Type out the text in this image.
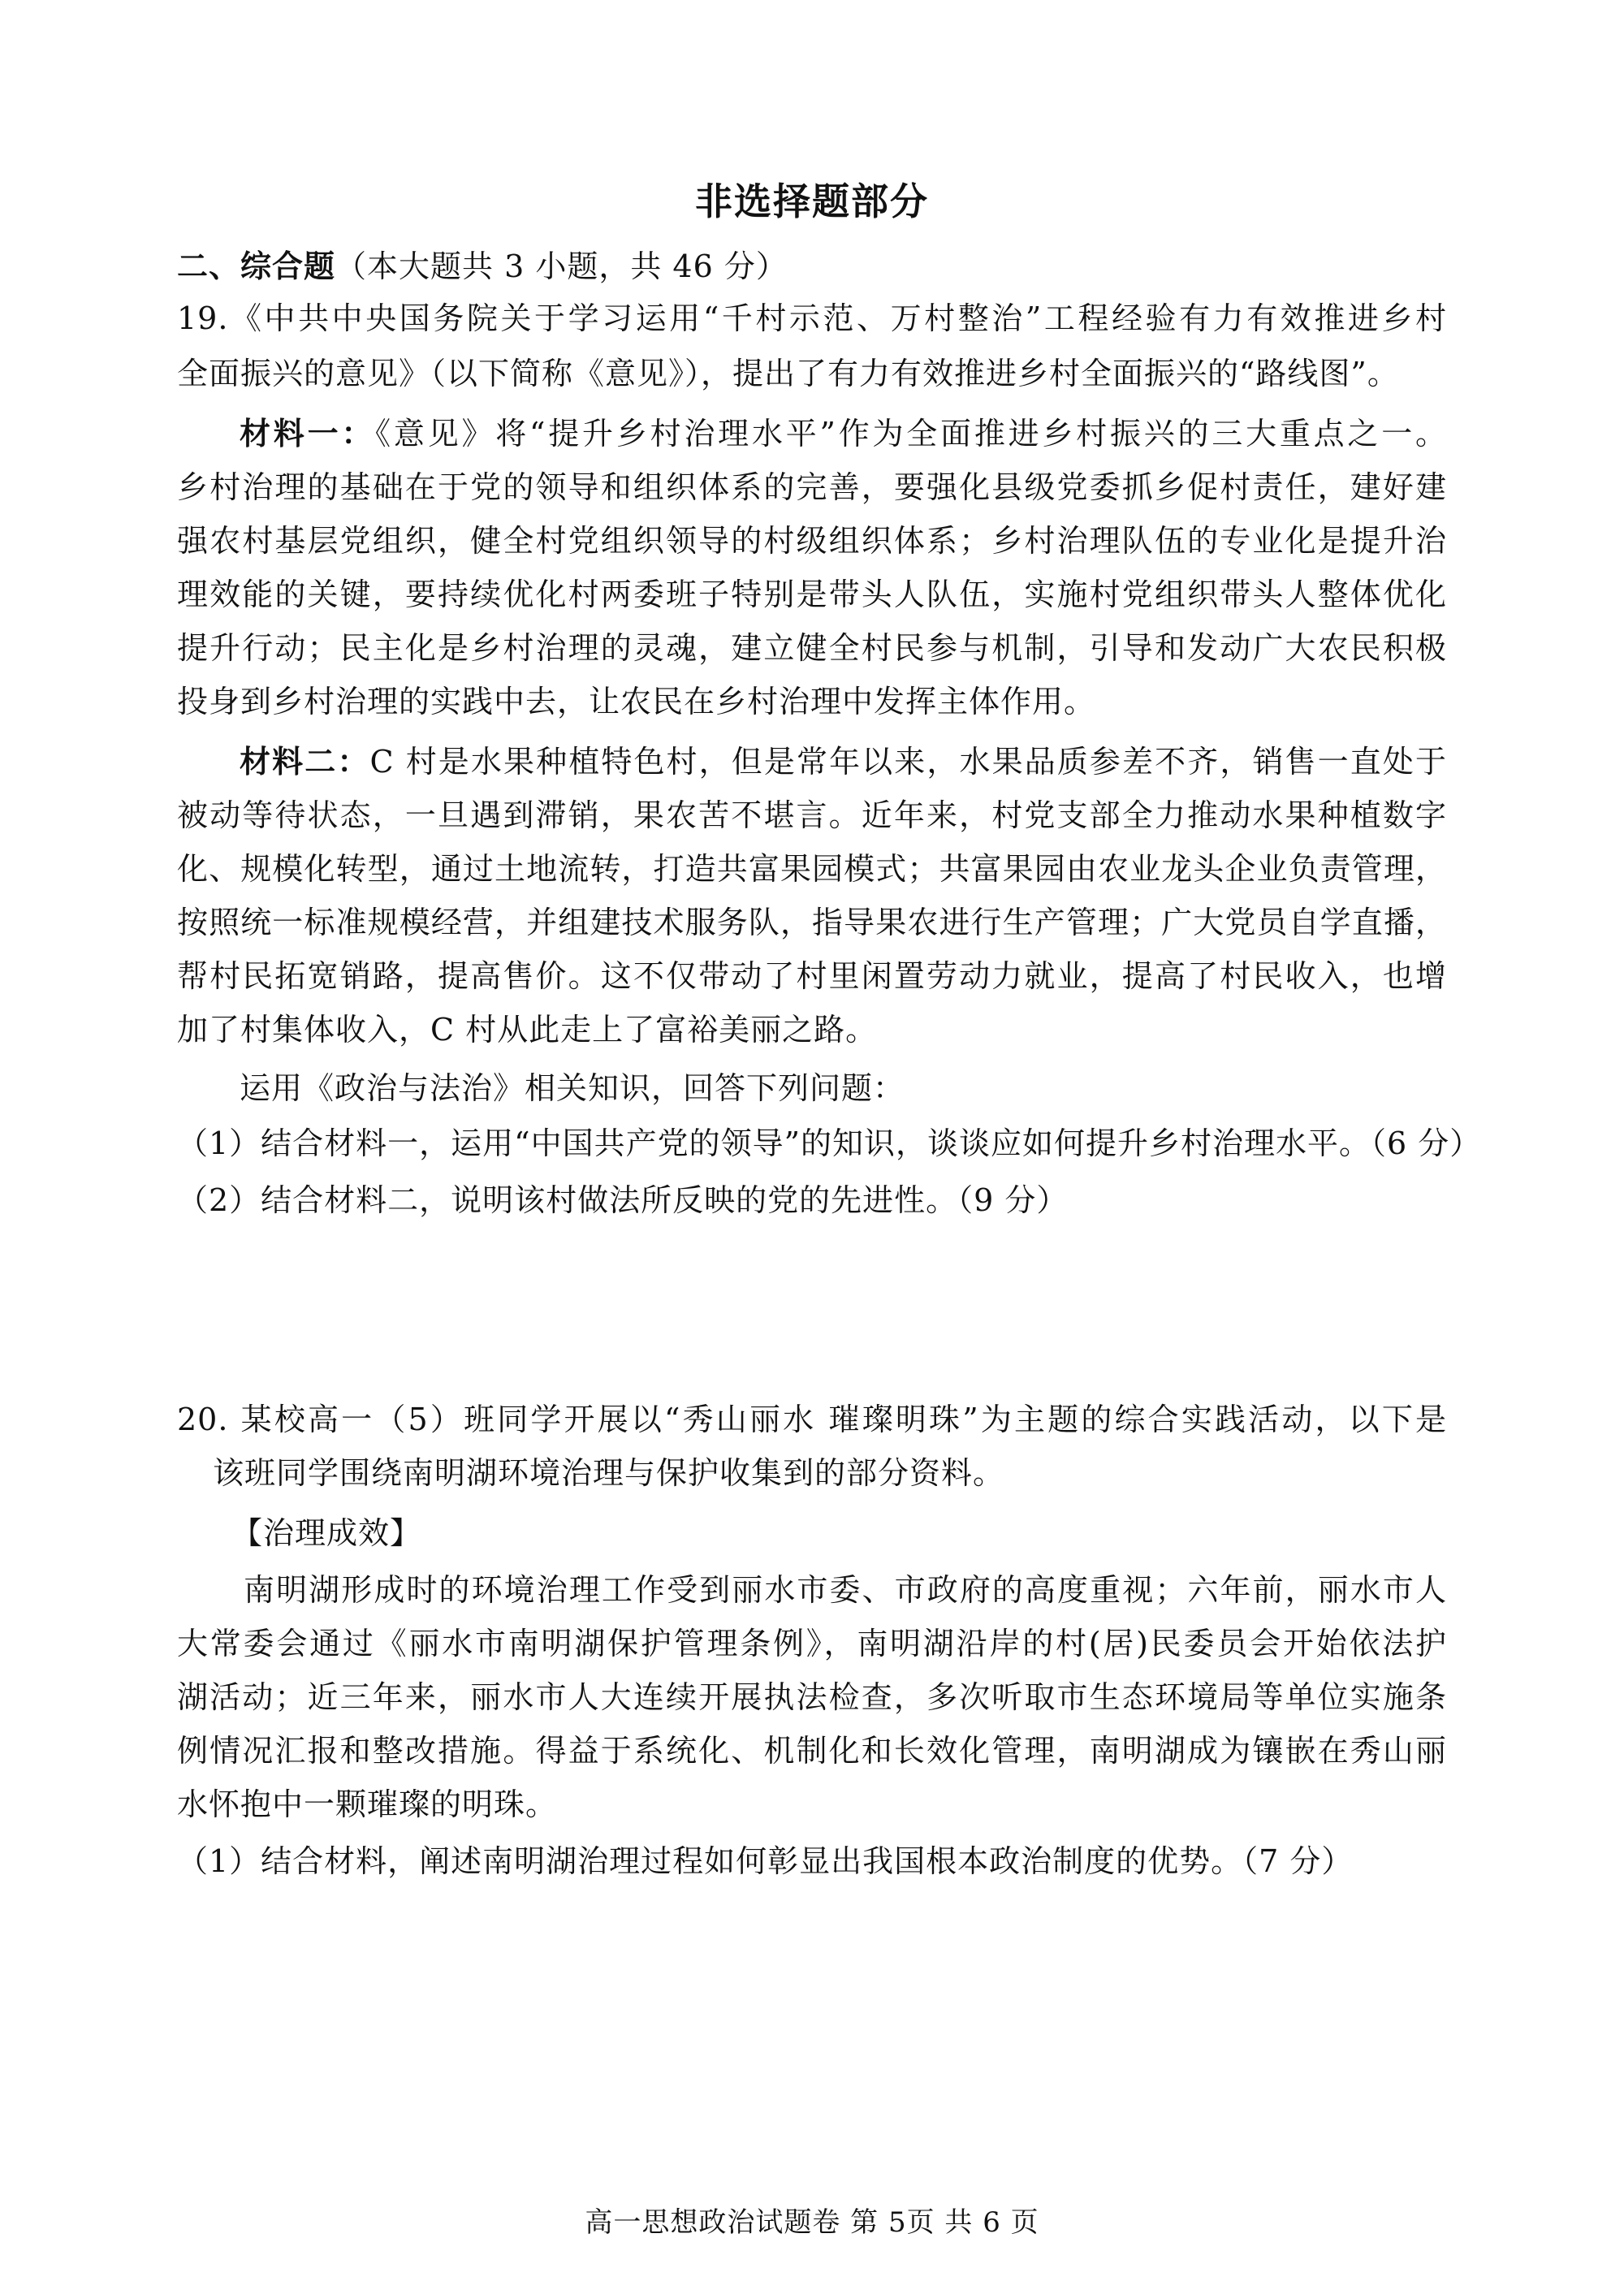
非选择题部分
二、综合题（本大题共 3 小题，共 46 分）
19.《中共中央国务院关于学习运用“千村示范、万村整治”工程经验有力有效推进乡村
全面振兴的意见》（以下简称《意见》），提出了有力有效推进乡村全面振兴的“路线图”。
材料一：《意见》将“提升乡村治理水平”作为全面推进乡村振兴的三大重点之一。
乡村治理的基础在于党的领导和组织体系的完善，要强化县级党委抓乡促村责任，建好建
强农村基层党组织，健全村党组织领导的村级组织体系；乡村治理队伍的专业化是提升治
理效能的关键，要持续优化村两委班子特别是带头人队伍，实施村党组织带头人整体优化
提升行动；民主化是乡村治理的灵魂，建立健全村民参与机制，引导和发动广大农民积极
投身到乡村治理的实践中去，让农民在乡村治理中发挥主体作用。
材料二：C 村是水果种植特色村，但是常年以来，水果品质参差不齐，销售一直处于
被动等待状态，一旦遇到滞销，果农苦不堪言。近年来，村党支部全力推动水果种植数字
化、规模化转型，通过土地流转，打造共富果园模式；共富果园由农业龙头企业负责管理，
按照统一标准规模经营，并组建技术服务队，指导果农进行生产管理；广大党员自学直播，
帮村民拓宽销路，提高售价。这不仅带动了村里闲置劳动力就业，提高了村民收入，也增
加了村集体收入，C 村从此走上了富裕美丽之路。
运用《政治与法治》相关知识，回答下列问题：
（1）结合材料一，运用“中国共产党的领导”的知识，谈谈应如何提升乡村治理水平。（6 分）
（2）结合材料二，说明该村做法所反映的党的先进性。（9 分）
20. 某校高一（5）班同学开展以“秀山丽水 璀璨明珠”为主题的综合实践活动，以下是
该班同学围绕南明湖环境治理与保护收集到的部分资料。
【治理成效】
南明湖形成时的环境治理工作受到丽水市委、市政府的高度重视；六年前，丽水市人
大常委会通过《丽水市南明湖保护管理条例》，南明湖沿岸的村(居)民委员会开始依法护
湖活动；近三年来，丽水市人大连续开展执法检查，多次听取市生态环境局等单位实施条
例情况汇报和整改措施。得益于系统化、机制化和长效化管理，南明湖成为镶嵌在秀山丽
水怀抱中一颗璀璨的明珠。
（1）结合材料，阐述南明湖治理过程如何彰显出我国根本政治制度的优势。（7 分）
高一思想政治试题卷 第 5页 共 6 页
